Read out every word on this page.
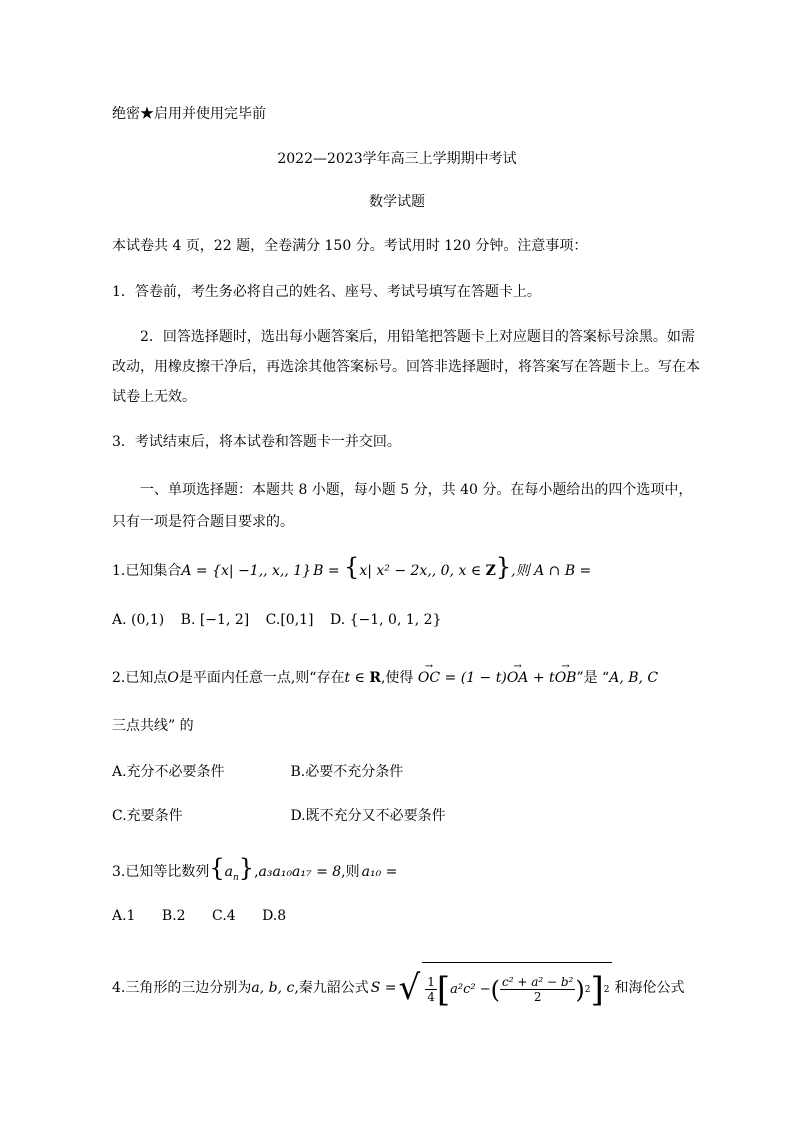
绝密★启用并使用完毕前
2022—2023学年高三上学期期中考试
数学试题
本试卷共 4 页，22 题，全卷满分 150 分。考试用时 120 分钟。注意事项：
1．答卷前，考生务必将自己的姓名、座号、考试号填写在答题卡上。
2．回答选择题时，选出每小题答案后，用铅笔把答题卡上对应题目的答案标号涂黑。如需改动，用橡皮擦干净后，再选涂其他答案标号。回答非选择题时，将答案写在答题卡上。写在本试卷上无效。
3．考试结束后，将本试卷和答题卡一并交回。
一、单项选择题：本题共 8 小题，每小题 5 分，共 40 分。在每小题给出的四个选项中，只有一项是符合题目要求的。
1.已知集合A = {x| −1,, x,, 1} B = {x| x² − 2x,, 0, x ∈ Z},则 A ∩ B =
A. (0,1) B. [−1, 2] C.[0,1] D. {−1, 0, 1, 2}
2.已知点O是平面内任意一点,则“存在t ∈ R,使得 → OC = (1 − t)→ OA + t→ OB”是 “A, B, C
三点共线” 的
A.充分不必要条件	B.必要不充分条件
C.充要条件	D.既不充分又不必要条件
3.已知等比数列$\{a_n\},a_3a_{10}a_{17} = 8$,则 a₁₀ =
A.1 B.2 C.4 D.8
4.三角形的三边分别为 a, b, c ,秦九韶公式 S = √ $\frac{1}{4}$ [ a²c² − ( $\frac{\text{c² + a² − b²}}{2}$ ) 2 ] 2 和海伦公式
